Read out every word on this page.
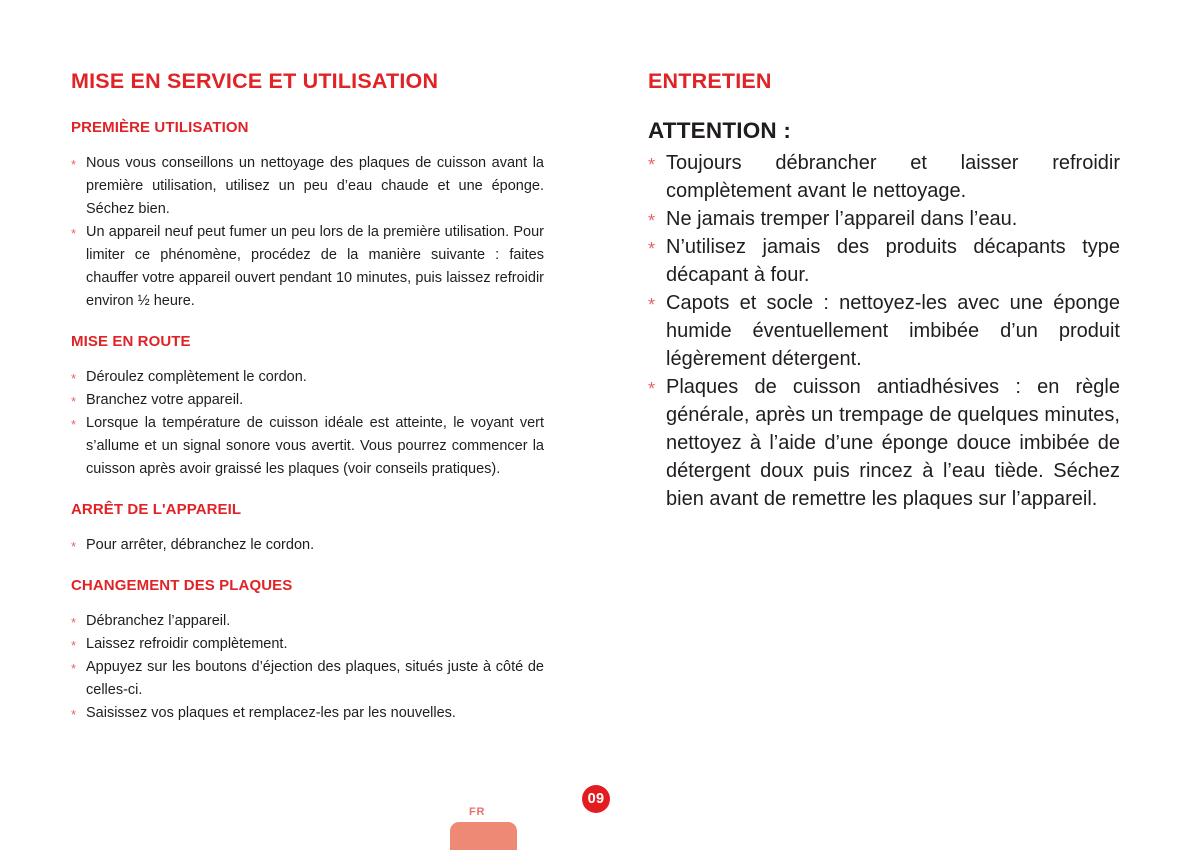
MISE EN SERVICE ET UTILISATION
PREMIÈRE UTILISATION

* Nous vous conseillons un nettoyage des plaques de cuisson avant la première utilisation, utilisez un peu d’eau chaude et une éponge. Séchez bien.

* Un appareil neuf peut fumer un peu lors de la première utilisation. Pour limiter ce phénomène, procédez de la manière suivante : faites chauffer votre appareil ouvert pendant 10 minutes, puis laissez refroidir environ ½ heure.

MISE EN ROUTE

* Déroulez complètement le cordon.

* Branchez votre appareil.

* Lorsque la température de cuisson idéale est atteinte, le voyant vert s’allume et un signal sonore vous avertit. Vous pourrez commencer la cuisson après avoir graissé les plaques (voir conseils pratiques).

ARRÊT DE L'APPAREIL

* Pour arrêter, débranchez le cordon.

CHANGEMENT DES PLAQUES

* Débranchez l’appareil.

* Laissez refroidir complètement.

* Appuyez sur les boutons d’éjection des plaques, situés juste à côté de celles-ci.

* Saisissez vos plaques et remplacez-les par les nouvelles.

ENTRETIEN
ATTENTION :

* Toujours débrancher et laisser refroidir complètement avant le nettoyage.

* Ne jamais tremper l’appareil dans l’eau.

* N’utilisez jamais des produits décapants type décapant à four.

* Capots et socle : nettoyez-les avec une éponge humide éventuellement imbibée d’un produit légèrement détergent.

* Plaques de cuisson antiadhésives : en règle générale, après un trempage de quelques minutes, nettoyez à l’aide d’une éponge douce imbibée de détergent doux puis rincez à l’eau tiède. Séchez bien avant de remettre les plaques sur l’appareil.

09
FR
